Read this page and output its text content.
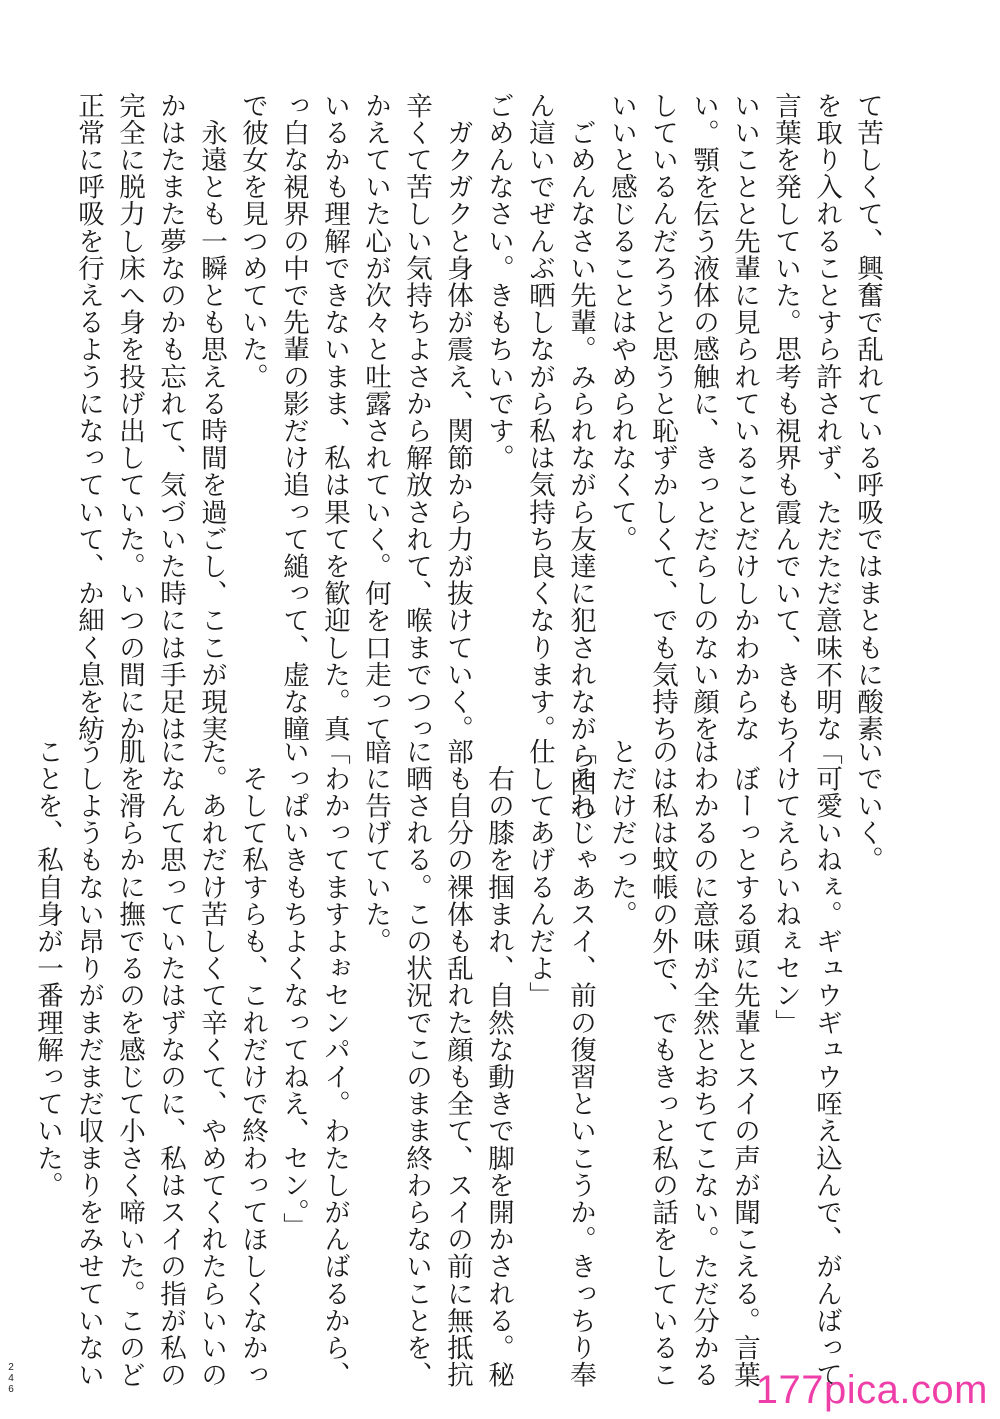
て苦しくて、興奮で乱れている呼吸ではまともに酸素
を取り入れることすら許されず、ただただ意味不明な
言葉を発していた。思考も視界も霞んでいて、きもち
いいことと先輩に見られていることだけしかわからな
い。顎を伝う液体の感触に、きっとだらしのない顔を
しているんだろうと思うと恥ずかしくて、でも気持ち
いいと感じることはやめられなくて。
　ごめんなさい先輩。みられながら友達に犯されながら四つ
ん這いでぜんぶ晒しながら私は気持ち良くなります。
ごめんなさい。きもちいです。
　ガクガクと身体が震え、関節から力が抜けていく。
辛くて苦しい気持ちよさから解放されて、喉までつっ
かえていた心が次々と吐露されていく。何を口走って
いるかも理解できないまま、私は果てを歓迎した。真
っ白な視界の中で先輩の影だけ追って縋って、虚な瞳
で彼女を見つめていた。
　永遠とも一瞬とも思える時間を過ごし、ここが現実
かはたまた夢なのかも忘れて、気づいた時には手足は
完全に脱力し床へ身を投げ出していた。いつの間にか
正常に呼吸を行えるようになっていて、か細く息を紡
いでいく。
「可愛いねぇ。ギュウギュウ咥え込んで、がんばって
イけてえらいねぇセン」
　ぼーっとする頭に先輩とスイの声が聞こえる。言葉
はわかるのに意味が全然とおちてこない。ただ分かる
のは私は蚊帳の外で、でもきっと私の話をしているこ
とだけだった。
「それじゃあスイ、前の復習といこうか。きっちり奉
仕してあげるんだよ」
　右の膝を掴まれ、自然な動きで脚を開かされる。秘
部も自分の裸体も乱れた顔も全て、スイの前に無抵抗
に晒される。この状況でこのまま終わらないことを、
暗に告げていた。
「わかってますよぉセンパイ。わたしがんばるから、
いっぱいきもちよくなってねえ、セン。」
　そして私すらも、これだけで終わってほしくなかっ
た。あれだけ苦しくて辛くて、やめてくれたらいいの
になんて思っていたはずなのに、私はスイの指が私の
肌を滑らかに撫でるのを感じて小さく啼いた。このど
うしようもない昂りがまだまだ収まりをみせていない
ことを、私自身が一番理解っていた。
2
4
6	177pica.com
